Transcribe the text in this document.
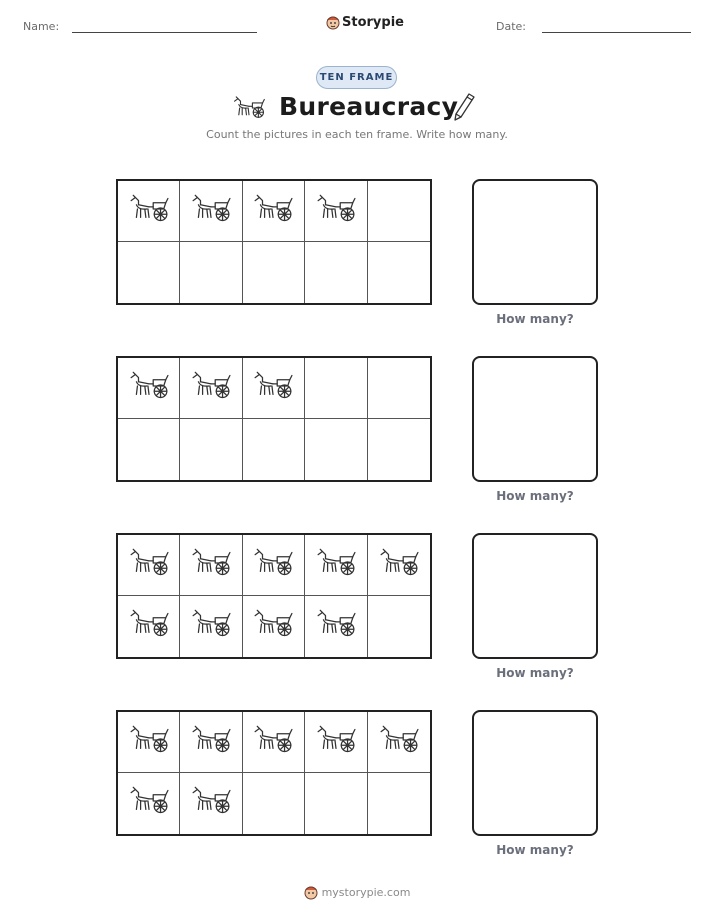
Name:	Storypie	Date:
TEN FRAME
Bureaucracy
Count the pictures in each ten frame. Write how many.
How many?
How many?
How many?
How many?
mystorypie.com
